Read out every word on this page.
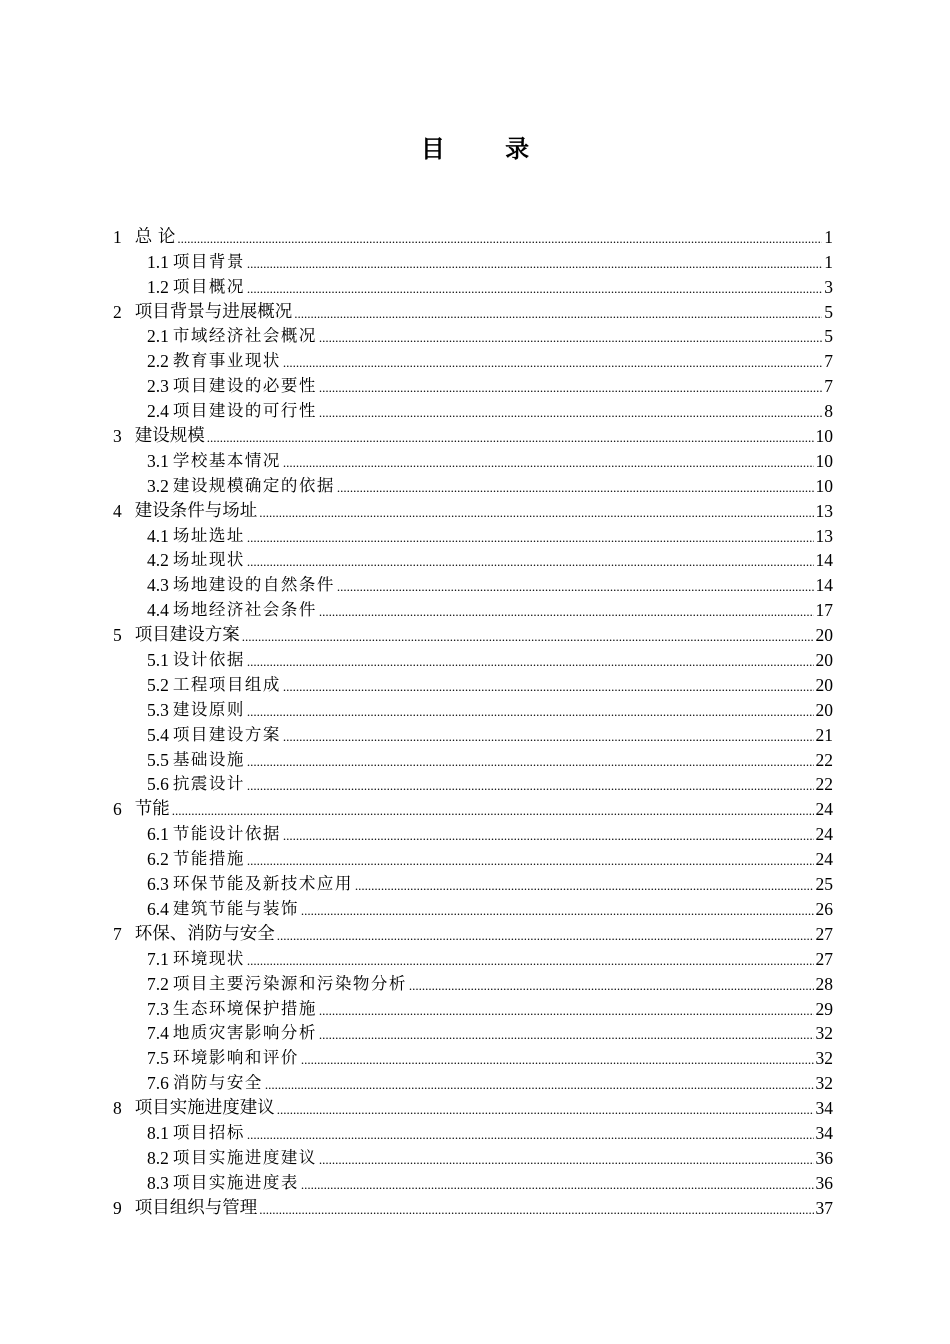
目 录
1 总 论 .....	1
1.1 项目背景 .....	1
1.2 项目概况 .....	3
2 项目背景与进展概况 .....	5
2.1 市域经济社会概况 .....	5
2.2 教育事业现状 .....	7
2.3 项目建设的必要性 .....	7
2.4 项目建设的可行性 .....	8
3 建设规模 .....	10
3.1 学校基本情况 .....	10
3.2 建设规模确定的依据 .....	10
4 建设条件与场址 .....	13
4.1 场址选址 .....	13
4.2 场址现状 .....	14
4.3 场地建设的自然条件 .....	14
4.4 场地经济社会条件 .....	17
5 项目建设方案 .....	20
5.1 设计依据 .....	20
5.2 工程项目组成 .....	20
5.3 建设原则 .....	20
5.4 项目建设方案 .....	21
5.5 基础设施 .....	22
5.6 抗震设计 .....	22
6 节能 .....	24
6.1 节能设计依据 .....	24
6.2 节能措施 .....	24
6.3 环保节能及新技术应用 .....	25
6.4 建筑节能与装饰 .....	26
7 环保、消防与安全 .....	27
7.1 环境现状 .....	27
7.2 项目主要污染源和污染物分析 .....	28
7.3 生态环境保护措施 .....	29
7.4 地质灾害影响分析 .....	32
7.5 环境影响和评价 .....	32
7.6 消防与安全 .....	32
8 项目实施进度建议 .....	34
8.1 项目招标 .....	34
8.2 项目实施进度建议 .....	36
8.3 项目实施进度表 .....	36
9 项目组织与管理 .....	37
